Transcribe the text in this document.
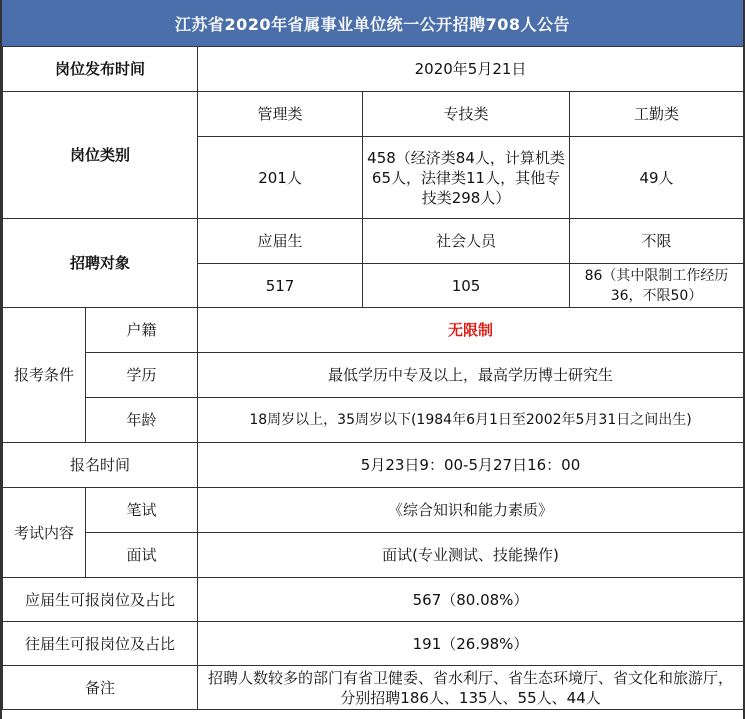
江苏省2020年省属事业单位统一公开招聘708人公告
岗位发布时间		2020年5月21日		
岗位类别		管理类	专技类	工勤类
		201人	458（经济类84人，计算机类65人，法律类11人，其他专技类298人）	49人
招聘对象		应届生	社会人员	不限
		517	105	86（其中限制工作经历36，不限50）
报考条件	户籍	无限制		
	学历	最低学历中专及以上，最高学历博士研究生		
	年龄	18周岁以上，35周岁以下(1984年6月1日至2002年5月31日之间出生)		
报名时间		5月23日9：00-5月27日16：00		
考试内容	笔试	《综合知识和能力素质》		
	面试	面试(专业测试、技能操作)		
应届生可报岗位及占比		567（80.08%）		
往届生可报岗位及占比		191（26.98%）		
备注		招聘人数较多的部门有省卫健委、省水利厅、省生态环境厅、省文化和旅游厅，分别招聘186人、135人、55人、44人		
